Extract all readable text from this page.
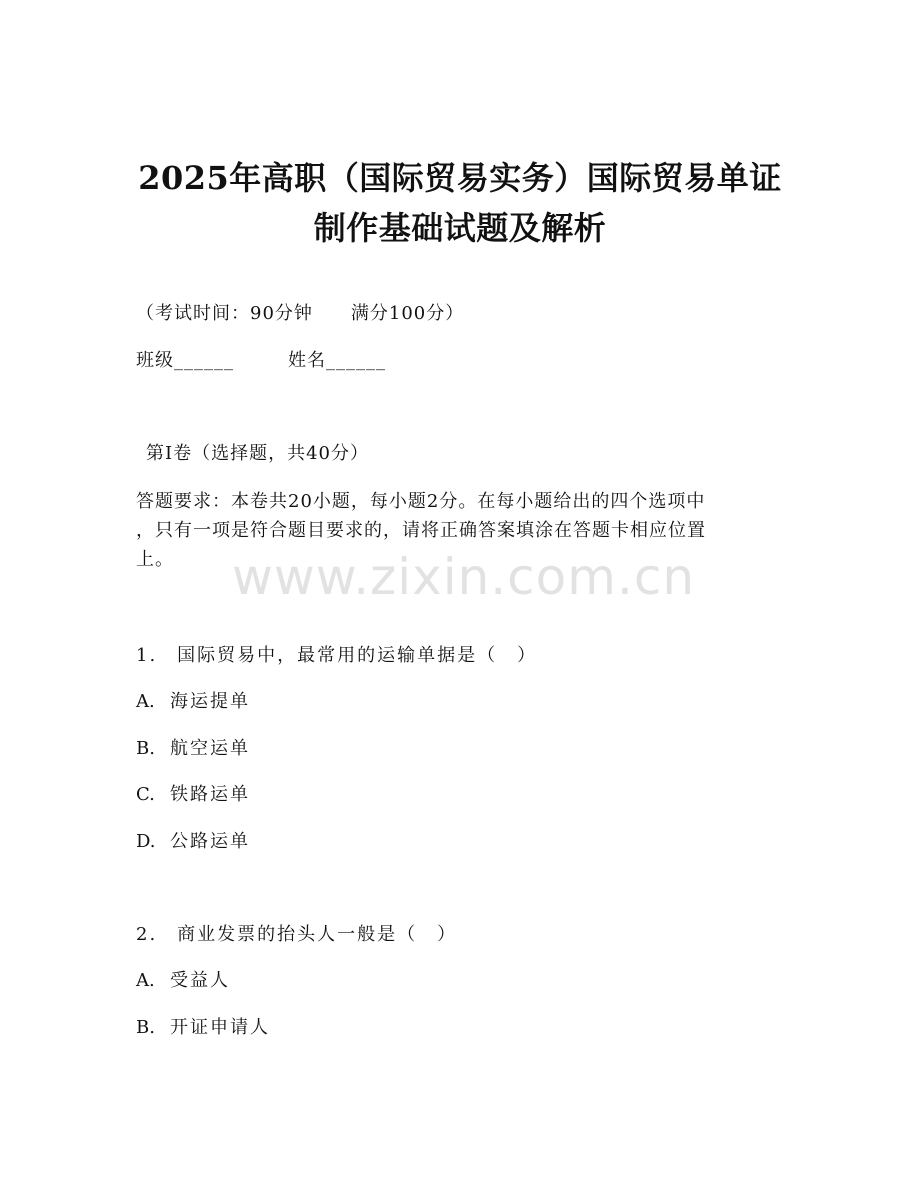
2025年高职（国际贸易实务）国际贸易单证
制作基础试题及解析
（考试时间：90分钟　　满分100分）
班级______	姓名______
第I卷（选择题，共40分）
答题要求：本卷共20小题，每小题2分。在每小题给出的四个选项中
，只有一项是符合题目要求的，请将正确答案填涂在答题卡相应位置
上。	www.zixin.com.cn
1.　国际贸易中，最常用的运输单据是（　）
A. 海运提单
B. 航空运单
C. 铁路运单
D. 公路运单
2.　商业发票的抬头人一般是（　）
A. 受益人
B. 开证申请人
